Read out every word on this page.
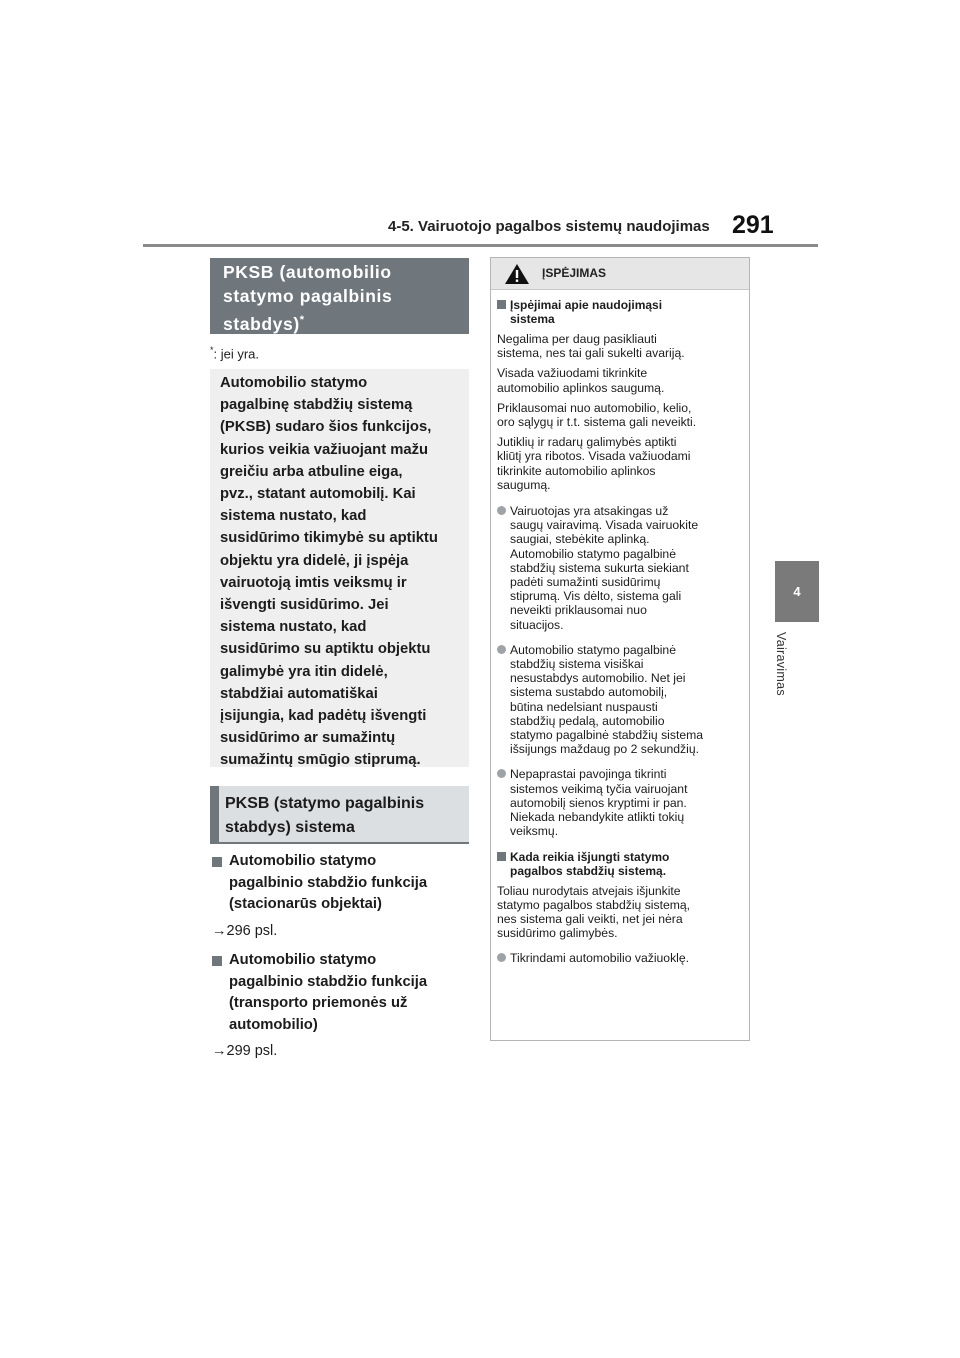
4-5. Vairuotojo pagalbos sistemų naudojimas 291
4
Vairavimas
PKSB (automobilio
statymo pagalbinis
stabdys)*
*: jei yra.

Automobilio statymo
pagalbinę stabdžių sistemą
(PKSB) sudaro šios funkcijos,
kurios veikia važiuojant mažu
greičiu arba atbuline eiga,
pvz., statant automobilį. Kai
sistema nustato, kad
susidūrimo tikimybė su aptiktu
objektu yra didelė, ji įspėja
vairuotoją imtis veiksmų ir
išvengti susidūrimo. Jei
sistema nustato, kad
susidūrimo su aptiktu objektu
galimybė yra itin didelė,
stabdžiai automatiškai
įsijungia, kad padėtų išvengti
susidūrimo ar sumažintų
sumažintų smūgio stiprumą.

PKSB (statymo pagalbinis
stabdys) sistema
Automobilio statymo
pagalbinio stabdžio funkcija
(stacionarūs objektai)
→296 psl.
Automobilio statymo
pagalbinio stabdžio funkcija
(transporto priemonės už
automobilio)
→299 psl.
ĮSPĖJIMAS
Įspėjimai apie naudojimąsi
sistema

Negalima per daug pasikliauti
sistema, nes tai gali sukelti avariją.

Visada važiuodami tikrinkite
automobilio aplinkos saugumą.

Priklausomai nuo automobilio, kelio,
oro sąlygų ir t.t. sistema gali neveikti.

Jutiklių ir radarų galimybės aptikti
kliūtį yra ribotos. Visada važiuodami
tikrinkite automobilio aplinkos
saugumą.

Vairuotojas yra atsakingas už
saugų vairavimą. Visada vairuokite
saugiai, stebėkite aplinką.
Automobilio statymo pagalbinė
stabdžių sistema sukurta siekiant
padėti sumažinti susidūrimų
stiprumą. Vis dėlto, sistema gali
neveikti priklausomai nuo
situacijos.
Automobilio statymo pagalbinė
stabdžių sistema visiškai
nesustabdys automobilio. Net jei
sistema sustabdo automobilį,
būtina nedelsiant nuspausti
stabdžių pedalą, automobilio
statymo pagalbinė stabdžių sistema
išsijungs maždaug po 2 sekundžių.
Nepaprastai pavojinga tikrinti
sistemos veikimą tyčia vairuojant
automobilį sienos kryptimi ir pan.
Niekada nebandykite atlikti tokių
veiksmų.
Kada reikia išjungti statymo
pagalbos stabdžių sistemą.

Toliau nurodytais atvejais išjunkite
statymo pagalbos stabdžių sistemą,
nes sistema gali veikti, net jei nėra
susidūrimo galimybės.

Tikrindami automobilio važiuoklę.
